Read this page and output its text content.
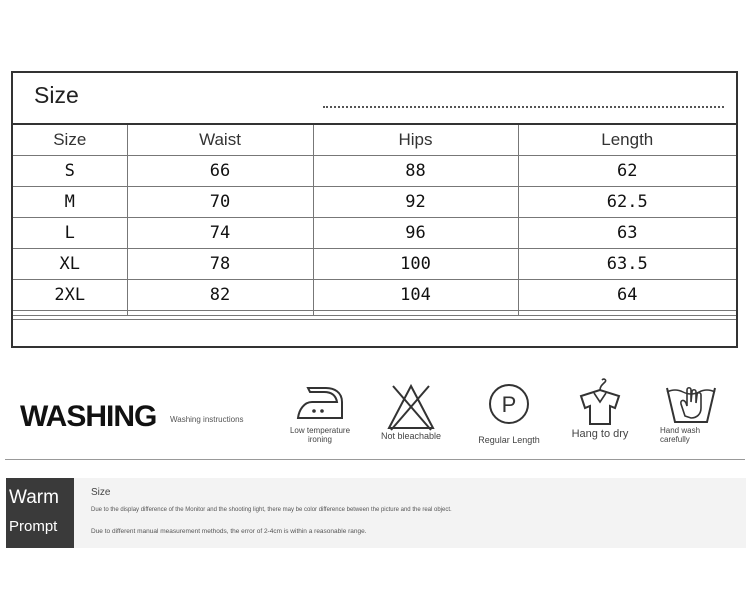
Size
Size	Waist	Hips	Length
S	66	88	62
M	70	92	62.5
L	74	96	63
XL	78	100	63.5
2XL	82	104	64

WASHING Washing instructions
Low temperature ironing	Not bleachable
P
Regular Length	Hang to dry	Hand wash carefully
Warm
Prompt
Size
Due to the display difference of the Monitor and the shooting light, there may be color difference between the picture and the real object.
Due to different manual measurement methods, the error of 2-4cm is within a reasonable range.
